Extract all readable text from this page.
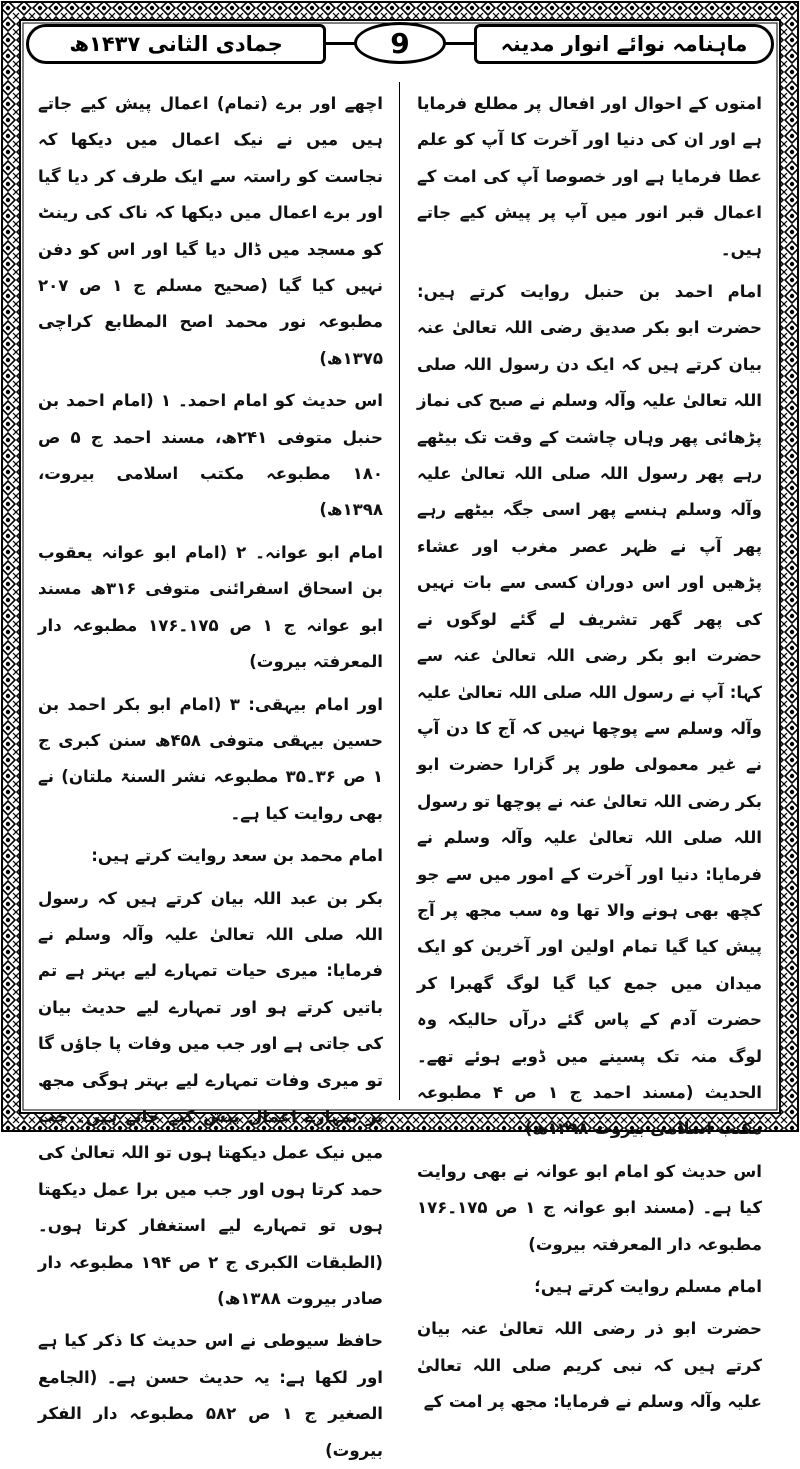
ماہنامہ نوائے انوار مدینہ
9
جمادی الثانی ۱۴۳۷ھ

امتوں کے احوال اور افعال پر مطلع فرمایا ہے اور ان کی دنیا اور آخرت کا آپ کو علم عطا فرمایا ہے اور خصوصا آپ کی امت کے اعمال قبر انور میں آپ پر پیش کیے جاتے ہیں۔

امام احمد بن حنبل روایت کرتے ہیں: حضرت ابو بکر صدیق رضی اللہ تعالیٰ عنہ بیان کرتے ہیں کہ ایک دن رسول اللہ صلی اللہ تعالیٰ علیہ وآلہ وسلم نے صبح کی نماز پڑھائی پھر وہاں چاشت کے وقت تک بیٹھے رہے پھر رسول اللہ صلی اللہ تعالیٰ علیہ وآلہ وسلم ہنسے پھر اسی جگہ بیٹھے رہے پھر آپ نے ظہر عصر مغرب اور عشاء پڑھیں اور اس دوران کسی سے بات نہیں کی پھر گھر تشریف لے گئے لوگوں نے حضرت ابو بکر رضی اللہ تعالیٰ عنہ سے کہا: آپ نے رسول اللہ صلی اللہ تعالیٰ علیہ وآلہ وسلم سے پوچھا نہیں کہ آج کا دن آپ نے غیر معمولی طور پر گزارا حضرت ابو بکر رضی اللہ تعالیٰ عنہ نے پوچھا تو رسول اللہ صلی اللہ تعالیٰ علیہ وآلہ وسلم نے فرمایا: دنیا اور آخرت کے امور میں سے جو کچھ بھی ہونے والا تھا وہ سب مجھ پر آج پیش کیا گیا تمام اولین اور آخرین کو ایک میدان میں جمع کیا گیا لوگ گھبرا کر حضرت آدم کے پاس گئے درآں حالیکہ وہ لوگ منہ تک پسینے میں ڈوبے ہوئے تھے۔ الحدیث (مسند احمد ج ۱ ص ۴ مطبوعہ مکتب اسلامی بیروت ۱۳۹۸ھ)

اس حدیث کو امام ابو عوانہ نے بھی روایت کیا ہے۔ (مسند ابو عوانہ ج ۱ ص ۱۷۵۔۱۷۶ مطبوعہ دار المعرفتہ بیروت)

امام مسلم روایت کرتے ہیں؛

حضرت ابو ذر رضی اللہ تعالیٰ عنہ بیان کرتے ہیں کہ نبی کریم صلی اللہ تعالیٰ علیہ وآلہ وسلم نے فرمایا: مجھ پر امت کے

اچھے اور برے (تمام) اعمال پیش کیے جاتے ہیں میں نے نیک اعمال میں دیکھا کہ نجاست کو راستہ سے ایک طرف کر دیا گیا اور برے اعمال میں دیکھا کہ ناک کی رینٹ کو مسجد میں ڈال دیا گیا اور اس کو دفن نہیں کیا گیا (صحیح مسلم ج ۱ ص ۲۰۷ مطبوعہ نور محمد اصح المطابع کراچی ۱۳۷۵ھ)

اس حدیث کو امام احمد۔ ۱ (امام احمد بن حنبل متوفی ۲۴۱ھ، مسند احمد ج ۵ ص ۱۸۰ مطبوعہ مکتب اسلامی بیروت، ۱۳۹۸ھ)

امام ابو عوانہ۔ ۲ (امام ابو عوانہ یعقوب بن اسحاق اسفرائنی متوفی ۳۱۶ھ مسند ابو عوانہ ج ۱ ص ۱۷۵۔۱۷۶ مطبوعہ دار المعرفتہ بیروت)

اور امام بیہقی: ۳ (امام ابو بکر احمد بن حسین بیہقی متوفی ۴۵۸ھ سنن کبری ج ۱ ص ۳۶۔۳۵ مطبوعہ نشر السنۃ ملتان) نے بھی روایت کیا ہے۔

امام محمد بن سعد روایت کرتے ہیں:

بکر بن عبد اللہ بیان کرتے ہیں کہ رسول اللہ صلی اللہ تعالیٰ علیہ وآلہ وسلم نے فرمایا: میری حیات تمہارے لیے بہتر ہے تم باتیں کرتے ہو اور تمہارے لیے حدیث بیان کی جاتی ہے اور جب میں وفات پا جاؤں گا تو میری وفات تمہارے لیے بہتر ہوگی مجھ پر تمہارے اعمال پیش کیے جاتے ہیں۔ جب میں نیک عمل دیکھتا ہوں تو اللہ تعالیٰ کی حمد کرتا ہوں اور جب میں برا عمل دیکھتا ہوں تو تمہارے لیے استغفار کرتا ہوں۔ (الطبقات الکبری ج ۲ ص ۱۹۴ مطبوعہ دار صادر بیروت ۱۳۸۸ھ)

حافظ سیوطی نے اس حدیث کا ذکر کیا ہے اور لکھا ہے: یہ حدیث حسن ہے۔ (الجامع الصغیر ج ۱ ص ۵۸۲ مطبوعہ دار الفکر بیروت)
